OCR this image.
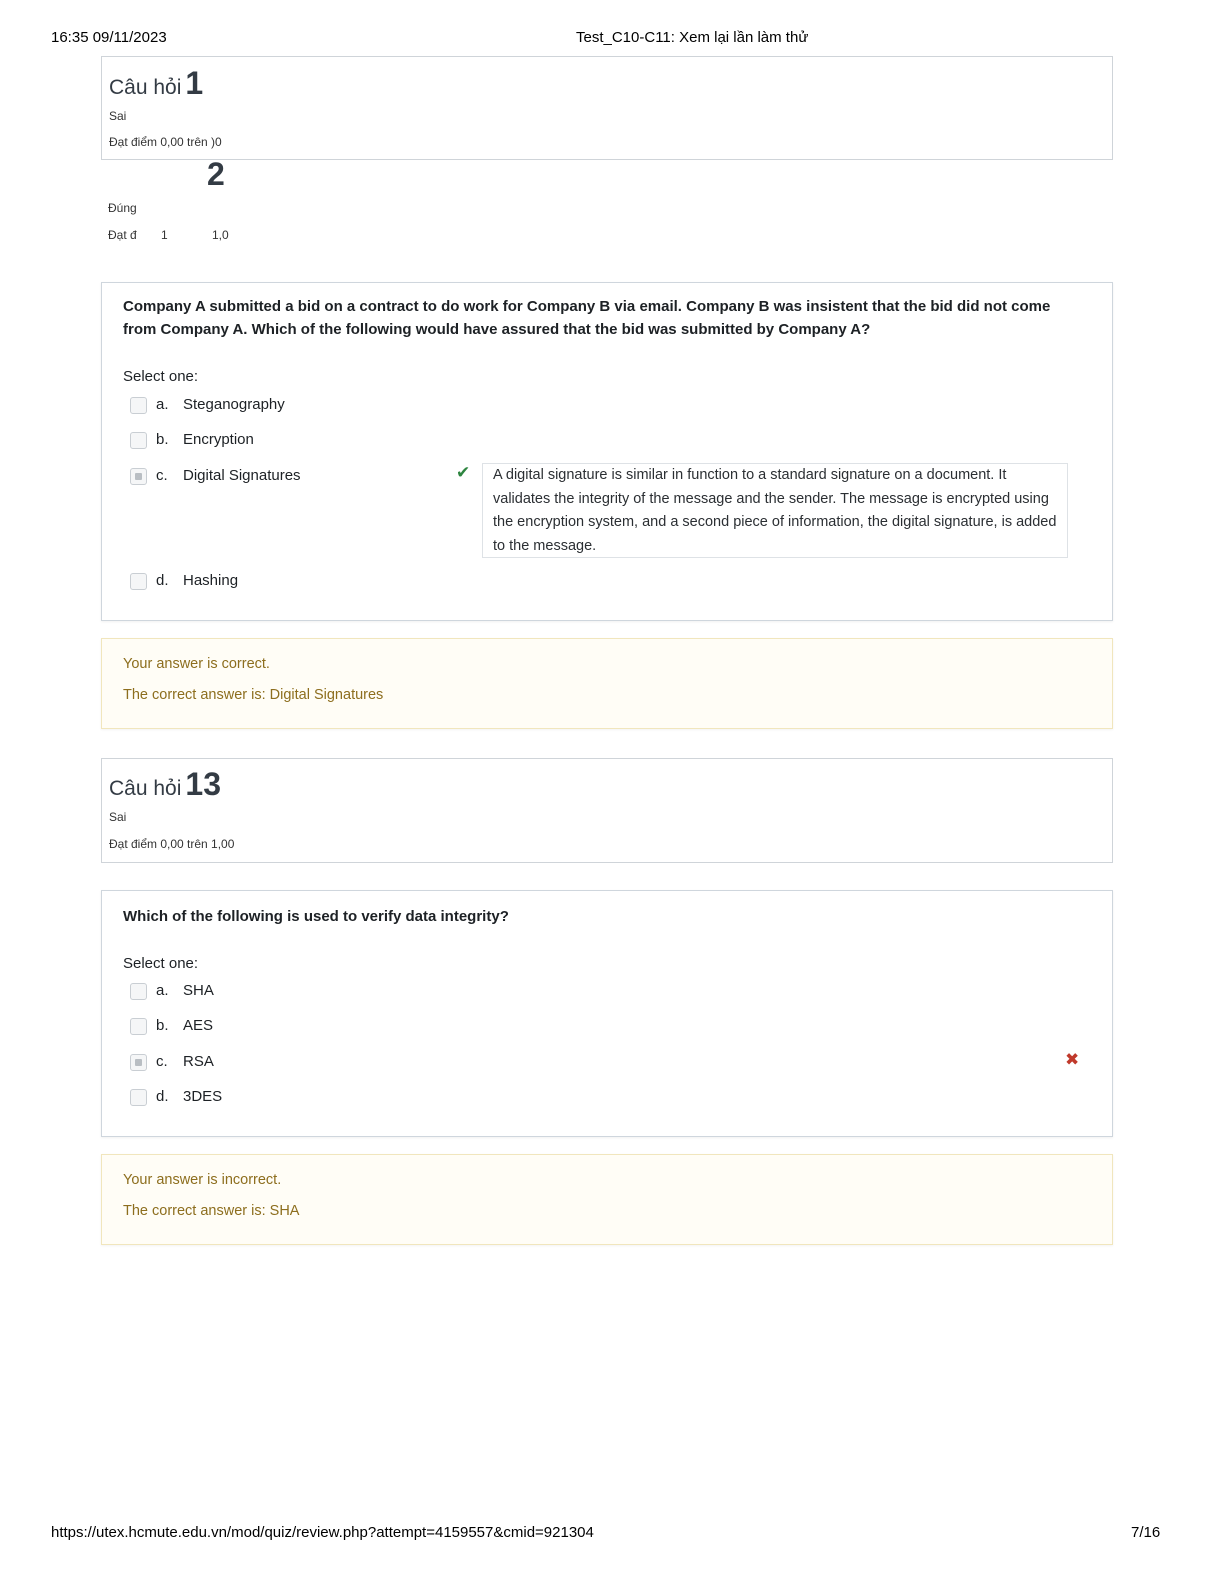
16:35 09/11/2023	Test_C10-C11: Xem lại lần làm thử
Câu hỏi 1
Sai
Đạt điểm 0,00 trên )0
2
Đúng
Đạt đ 1	1,0
Company A submitted a bid on a contract to do work for Company B via email. Company B was insistent that the bid did not come from Company A. Which of the following would have assured that the bid was submitted by Company A?
Select one:
a. Steganography
b. Encryption
c. Digital Signatures	✔	A digital signature is similar in function to a standard signature on a document. It validates the integrity of the message and the sender. The message is encrypted using the encryption system, and a second piece of information, the digital signature, is added to the message.
d. Hashing
Your answer is correct.
The correct answer is: Digital Signatures
Câu hỏi 13
Sai
Đạt điểm 0,00 trên 1,00
Which of the following is used to verify data integrity?
Select one:
a. SHA
b. AES
c. RSA	✖
d. 3DES
Your answer is incorrect.
The correct answer is: SHA
https://utex.hcmute.edu.vn/mod/quiz/review.php?attempt=4159557&cmid=921304	7/16
